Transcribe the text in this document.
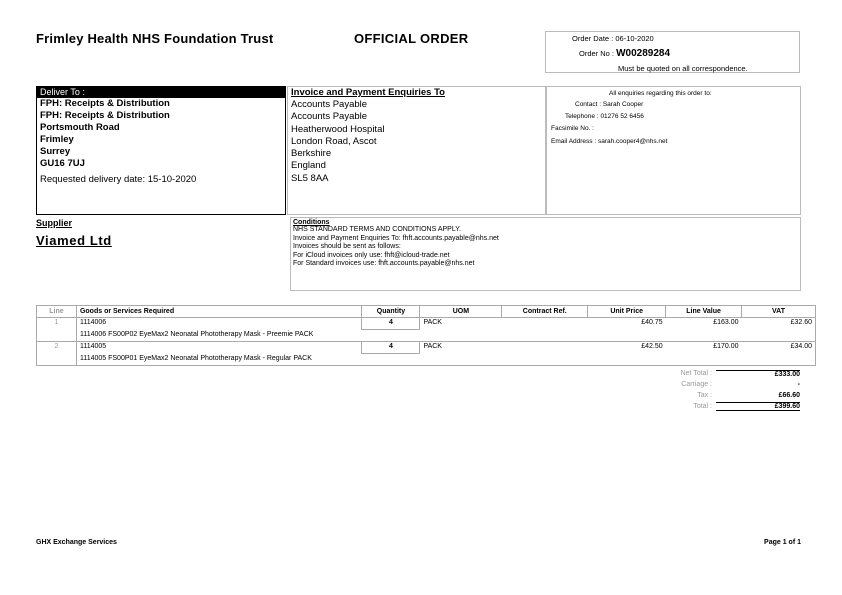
Frimley Health NHS Foundation Trust	OFFICIAL ORDER	Order Date : 06-10-2020
Order No : W00289284
Must be quoted on all correspondence.
Deliver To :
FPH: Receipts & Distribution
FPH: Receipts & Distribution
Portsmouth Road
Frimley
Surrey
GU16 7UJ
Requested delivery date: 15-10-2020
Invoice and Payment Enquiries To
Accounts Payable
Accounts Payable
Heatherwood Hospital
London Road, Ascot
Berkshire
England
SL5 8AA
All enquiries regarding this order to:
Contact : Sarah Cooper
Telephone : 01276 52 6456
Facsimile No. :
Email Address : sarah.cooper4@nhs.net
Supplier
Viamed Ltd
Conditions
NHS STANDARD TERMS AND CONDITIONS APPLY.
Invoice and Payment Enquiries To: fhft.accounts.payable@nhs.net
Invoices should be sent as follows:
For iCloud invoices only use: fhft@icloud-trade.net
For Standard invoices use: fhft.accounts.payable@nhs.net
Line	Goods or Services Required	Quantity	UOM	Contract Ref.	Unit Price	Line Value	VAT
1	1114006	4	PACK		£40.75	£163.00	£32.60
	1114006 FS00P02 EyeMax2 Neonatal Phototherapy Mask - Preemie PACK						
2	1114005	4	PACK		£42.50	£170.00	£34.00
	1114005 FS00P01 EyeMax2 Neonatal Phototherapy Mask - Regular PACK						
Net Total :	£333.00
Carriage :	-
Tax :	£66.60
Total :	£399.60
GHX Exchange Services	Page 1 of 1
